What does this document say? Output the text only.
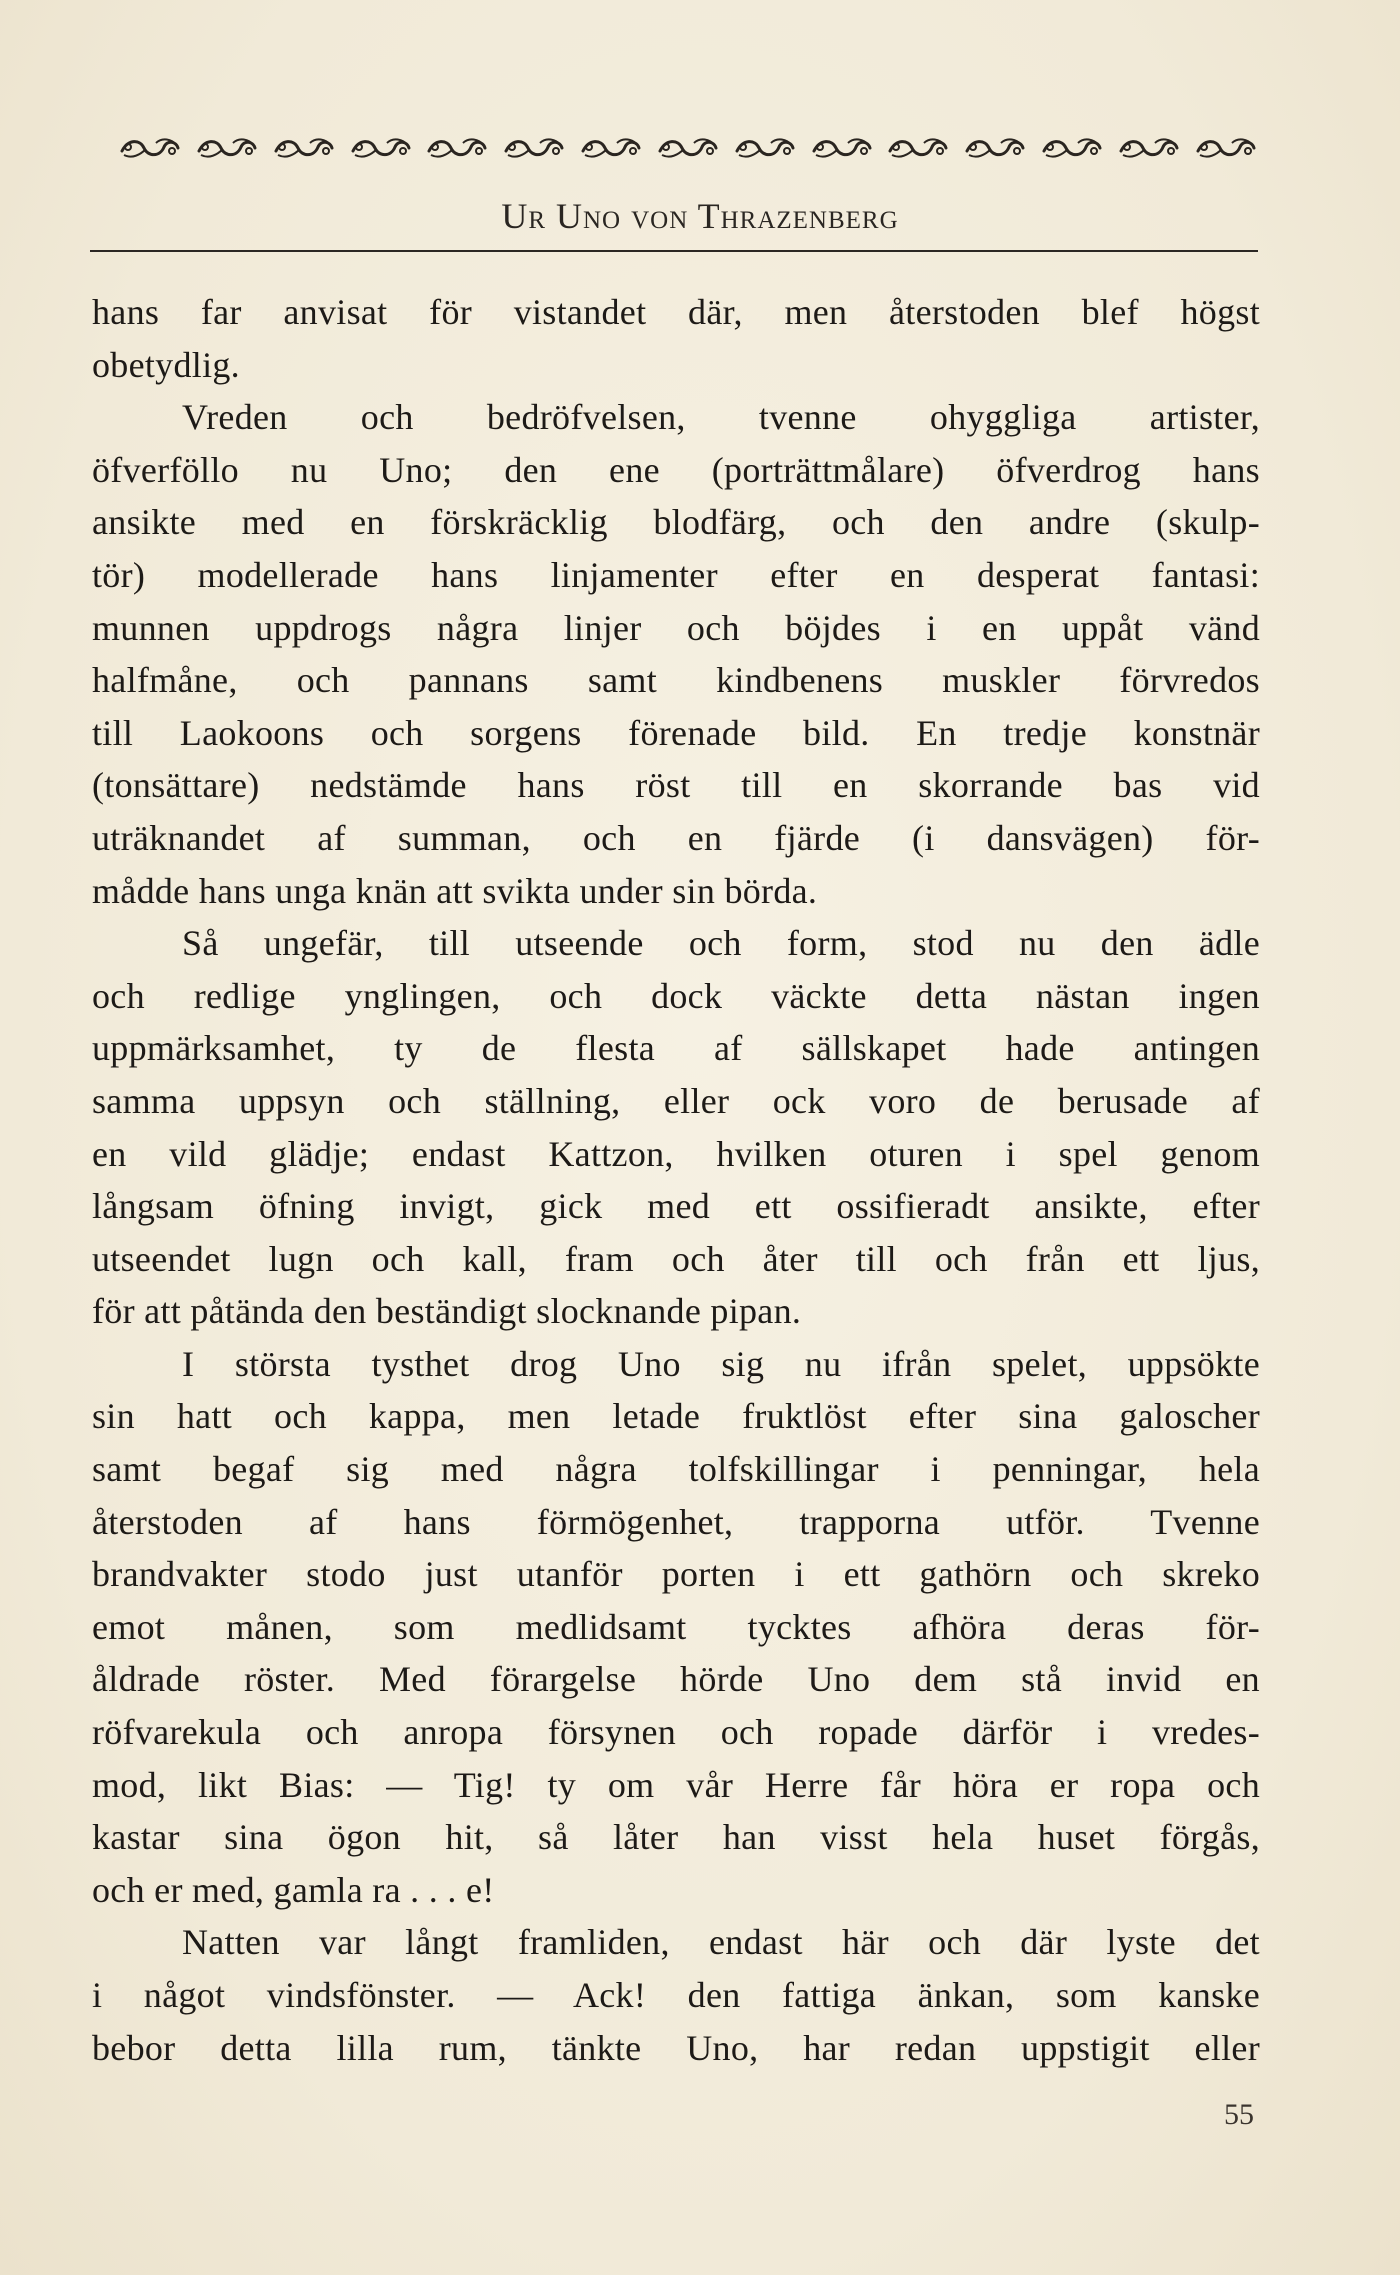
Ur Uno von Thrazenberg
hans far anvisat för vistandet där, men återstoden blef högst
obetydlig.
Vreden och bedröfvelsen, tvenne ohyggliga artister,
öfverföllo nu Uno; den ene (porträttmålare) öfverdrog hans
ansikte med en förskräcklig blodfärg, och den andre (skulp-
tör) modellerade hans linjamenter efter en desperat fantasi:
munnen uppdrogs några linjer och böjdes i en uppåt vänd
halfmåne, och pannans samt kindbenens muskler förvredos
till Laokoons och sorgens förenade bild. En tredje konstnär
(tonsättare) nedstämde hans röst till en skorrande bas vid
uträknandet af summan, och en fjärde (i dansvägen) för-
mådde hans unga knän att svikta under sin börda.
Så ungefär, till utseende och form, stod nu den ädle
och redlige ynglingen, och dock väckte detta nästan ingen
uppmärksamhet, ty de flesta af sällskapet hade antingen
samma uppsyn och ställning, eller ock voro de berusade af
en vild glädje; endast Kattzon, hvilken oturen i spel genom
långsam öfning invigt, gick med ett ossifieradt ansikte, efter
utseendet lugn och kall, fram och åter till och från ett ljus,
för att påtända den beständigt slocknande pipan.
I största tysthet drog Uno sig nu ifrån spelet, uppsökte
sin hatt och kappa, men letade fruktlöst efter sina galoscher
samt begaf sig med några tolfskillingar i penningar, hela
återstoden af hans förmögenhet, trapporna utför. Tvenne
brandvakter stodo just utanför porten i ett gathörn och skreko
emot månen, som medlidsamt tycktes afhöra deras för-
åldrade röster. Med förargelse hörde Uno dem stå invid en
röfvarekula och anropa försynen och ropade därför i vredes-
mod, likt Bias: — Tig! ty om vår Herre får höra er ropa och
kastar sina ögon hit, så låter han visst hela huset förgås,
och er med, gamla ra . . . e!
Natten var långt framliden, endast här och där lyste det
i något vindsfönster. — Ack! den fattiga änkan, som kanske
bebor detta lilla rum, tänkte Uno, har redan uppstigit eller
55
